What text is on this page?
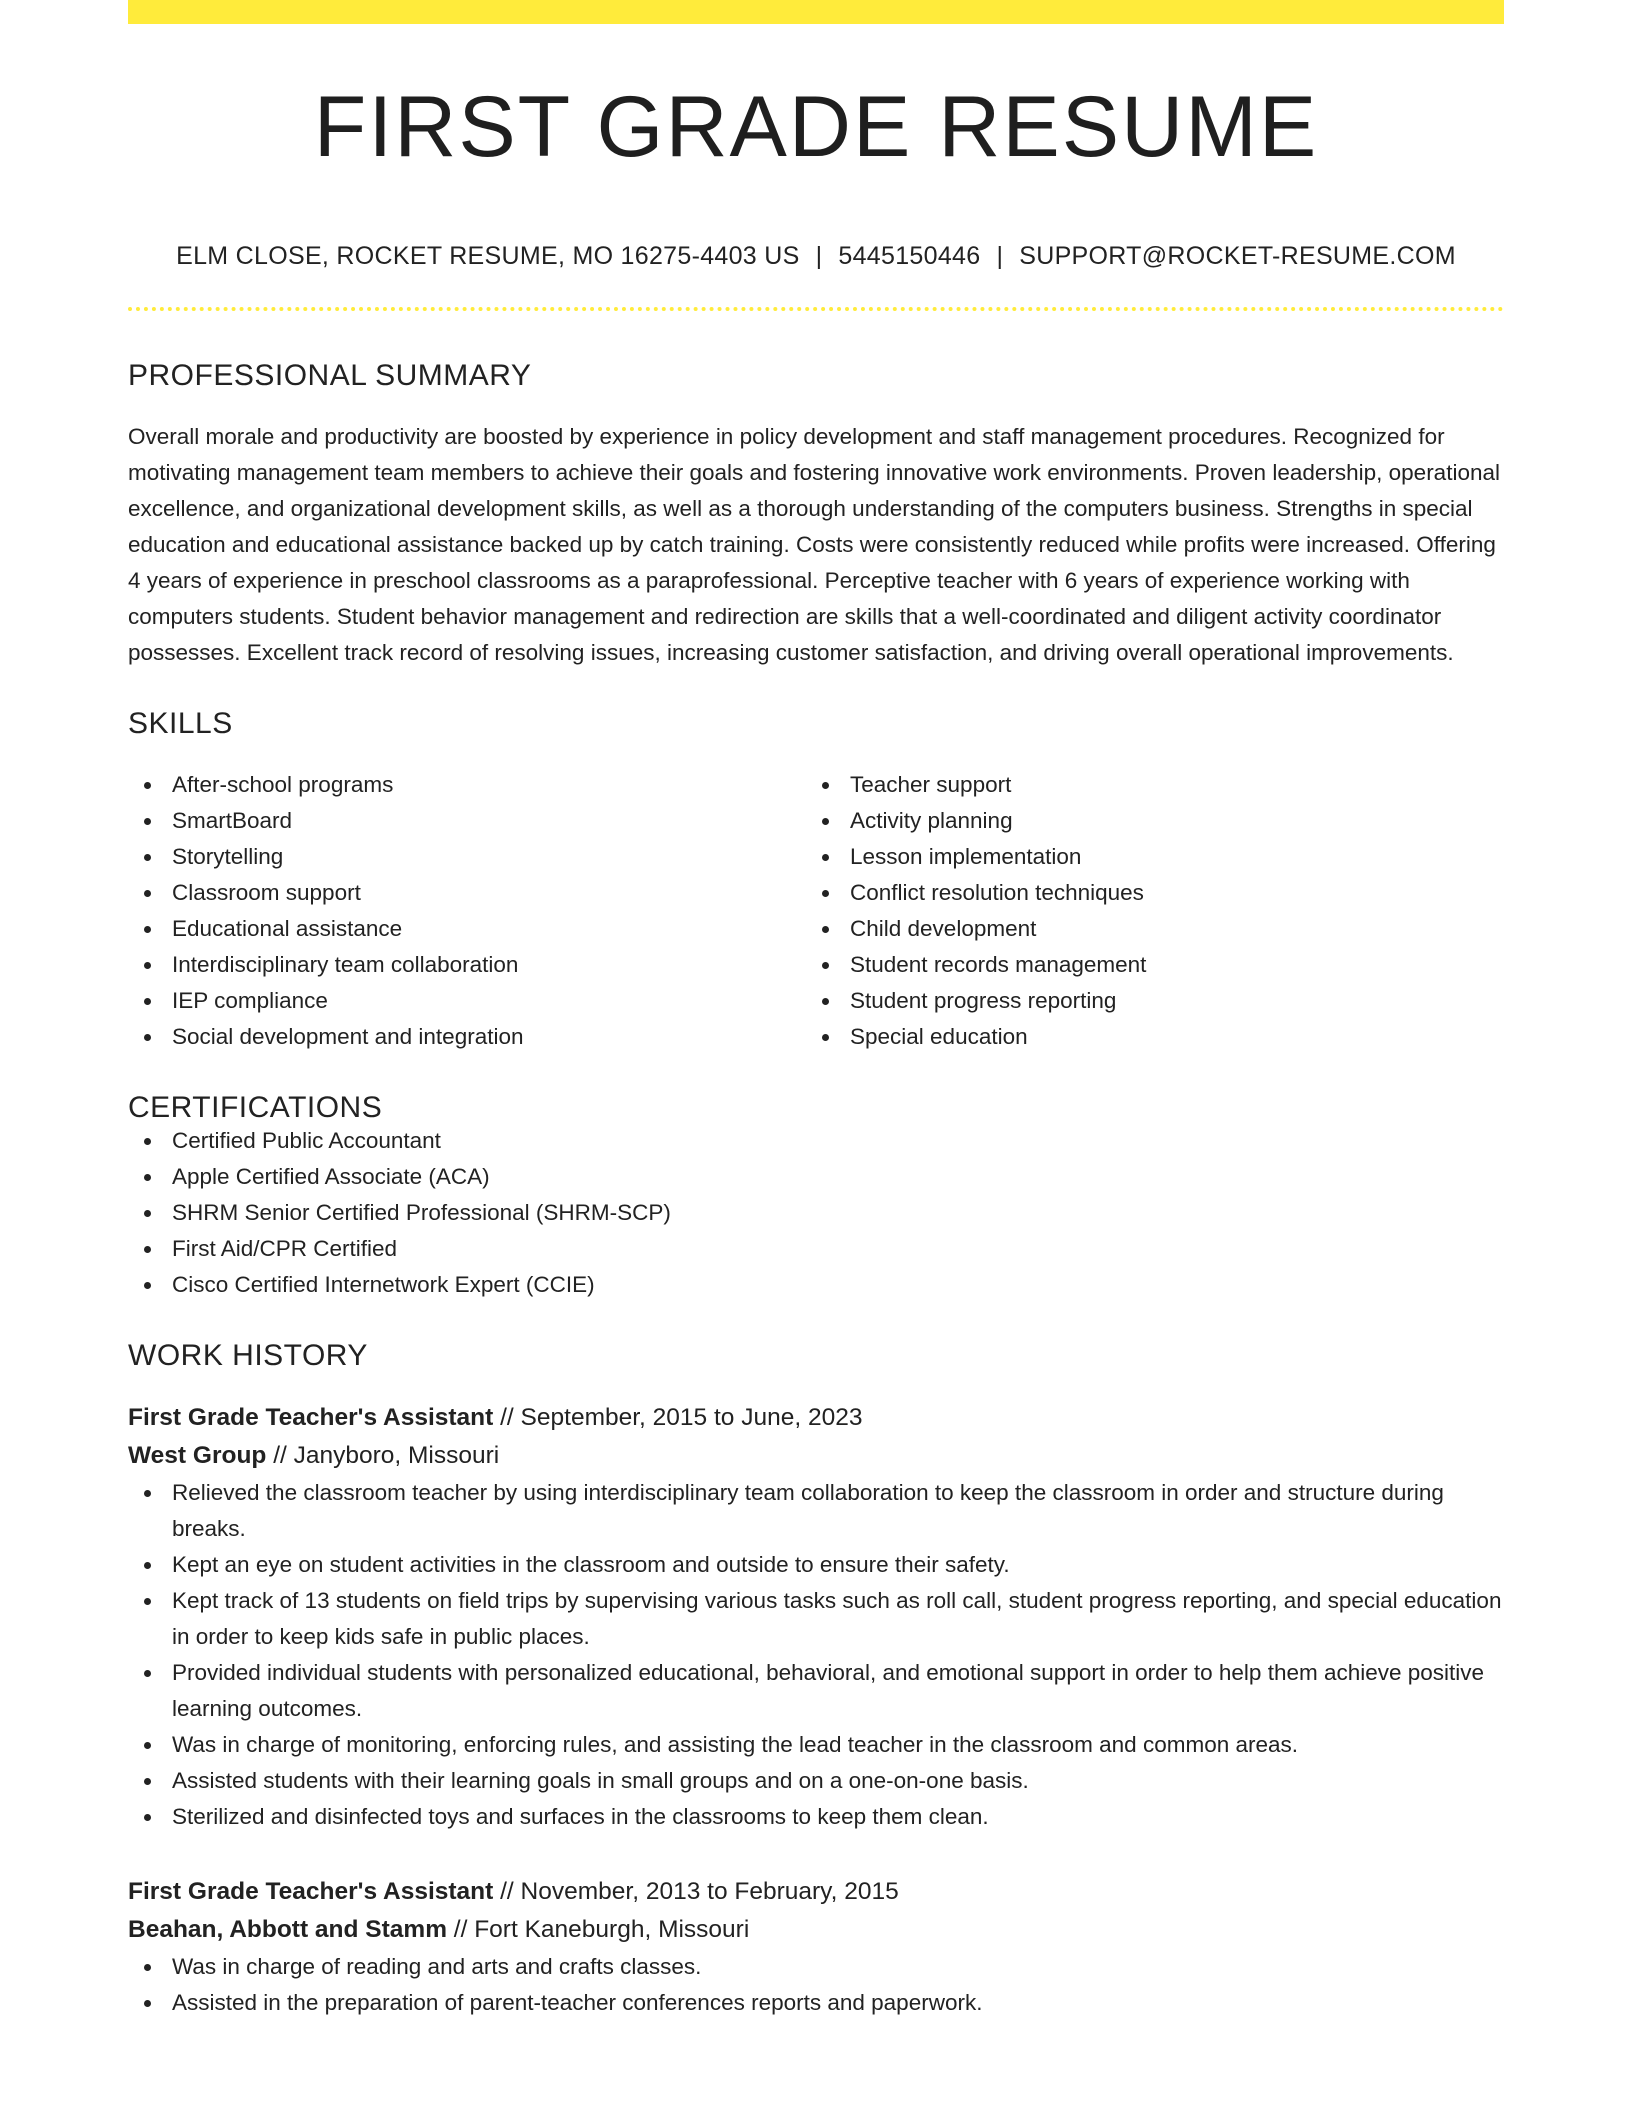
FIRST GRADE RESUME
ELM CLOSE, ROCKET RESUME, MO 16275-4403 US | 5445150446 | SUPPORT@ROCKET-RESUME.COM
PROFESSIONAL SUMMARY

Overall morale and productivity are boosted by experience in policy development and staff management procedures. Recognized for motivating management team members to achieve their goals and fostering innovative work environments. Proven leadership, operational excellence, and organizational development skills, as well as a thorough understanding of the computers business. Strengths in special education and educational assistance backed up by catch training. Costs were consistently reduced while profits were increased. Offering 4 years of experience in preschool classrooms as a paraprofessional. Perceptive teacher with 6 years of experience working with computers students. Student behavior management and redirection are skills that a well-coordinated and diligent activity coordinator possesses. Excellent track record of resolving issues, increasing customer satisfaction, and driving overall operational improvements.

SKILLS
After-school programs
SmartBoard
Storytelling
Classroom support
Educational assistance
Interdisciplinary team collaboration
IEP compliance
Social development and integration
Teacher support
Activity planning
Lesson implementation
Conflict resolution techniques
Child development
Student records management
Student progress reporting
Special education
CERTIFICATIONS
Certified Public Accountant
Apple Certified Associate (ACA)
SHRM Senior Certified Professional (SHRM-SCP)
First Aid/CPR Certified
Cisco Certified Internetwork Expert (CCIE)
WORK HISTORY
First Grade Teacher's Assistant // September, 2015 to June, 2023
West Group // Janyboro, Missouri
Relieved the classroom teacher by using interdisciplinary team collaboration to keep the classroom in order and structure during breaks.
Kept an eye on student activities in the classroom and outside to ensure their safety.
Kept track of 13 students on field trips by supervising various tasks such as roll call, student progress reporting, and special education in order to keep kids safe in public places.
Provided individual students with personalized educational, behavioral, and emotional support in order to help them achieve positive learning outcomes.
Was in charge of monitoring, enforcing rules, and assisting the lead teacher in the classroom and common areas.
Assisted students with their learning goals in small groups and on a one-on-one basis.
Sterilized and disinfected toys and surfaces in the classrooms to keep them clean.
First Grade Teacher's Assistant // November, 2013 to February, 2015
Beahan, Abbott and Stamm // Fort Kaneburgh, Missouri
Was in charge of reading and arts and crafts classes.
Assisted in the preparation of parent-teacher conferences reports and paperwork.
